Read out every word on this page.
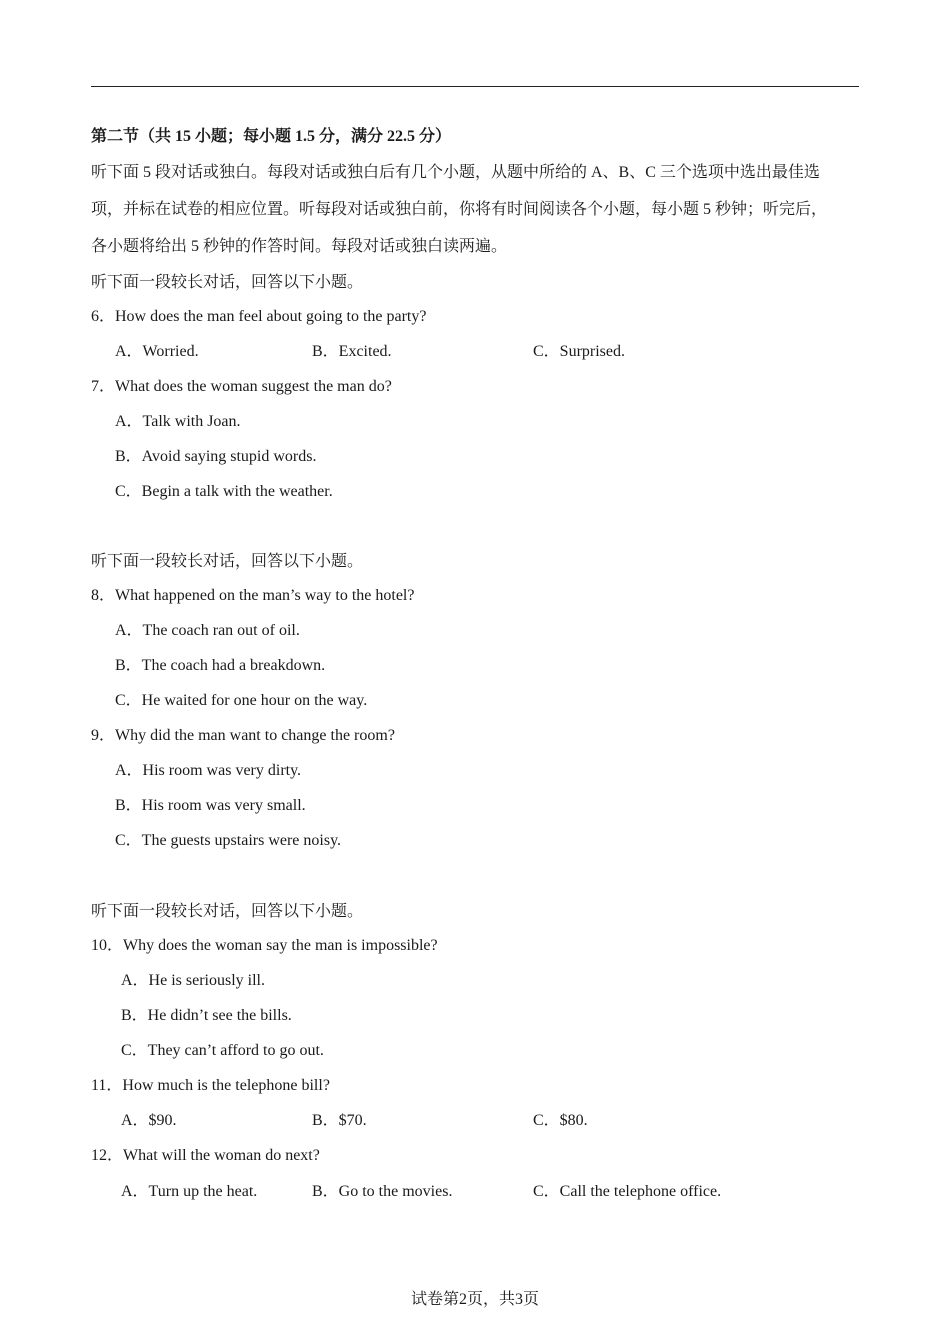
第二节（共 15 小题；每小题 1.5 分，满分 22.5 分）
听下面 5 段对话或独白。每段对话或独白后有几个小题，从题中所给的 A、B、C 三个选项中选出最佳选
项，并标在试卷的相应位置。听每段对话或独白前，你将有时间阅读各个小题，每小题 5 秒钟；听完后，
各小题将给出 5 秒钟的作答时间。每段对话或独白读两遍。
听下面一段较长对话，回答以下小题。
6．How does the man feel about going to the party?
A．Worried.	B．Excited.	C．Surprised.
7．What does the woman suggest the man do?
A．Talk with Joan.
B．Avoid saying stupid words.
C．Begin a talk with the weather.
听下面一段较长对话，回答以下小题。
8．What happened on the man’s way to the hotel?
A．The coach ran out of oil.
B．The coach had a breakdown.
C．He waited for one hour on the way.
9．Why did the man want to change the room?
A．His room was very dirty.
B．His room was very small.
C．The guests upstairs were noisy.
听下面一段较长对话，回答以下小题。
10．Why does the woman say the man is impossible?
A．He is seriously ill.
B．He didn’t see the bills.
C．They can’t afford to go out.
11．How much is the telephone bill?
A．$90.	B．$70.	C．$80.
12．What will the woman do next?
A．Turn up the heat.	B．Go to the movies.	C．Call the telephone office.
试卷第2页，共3页
